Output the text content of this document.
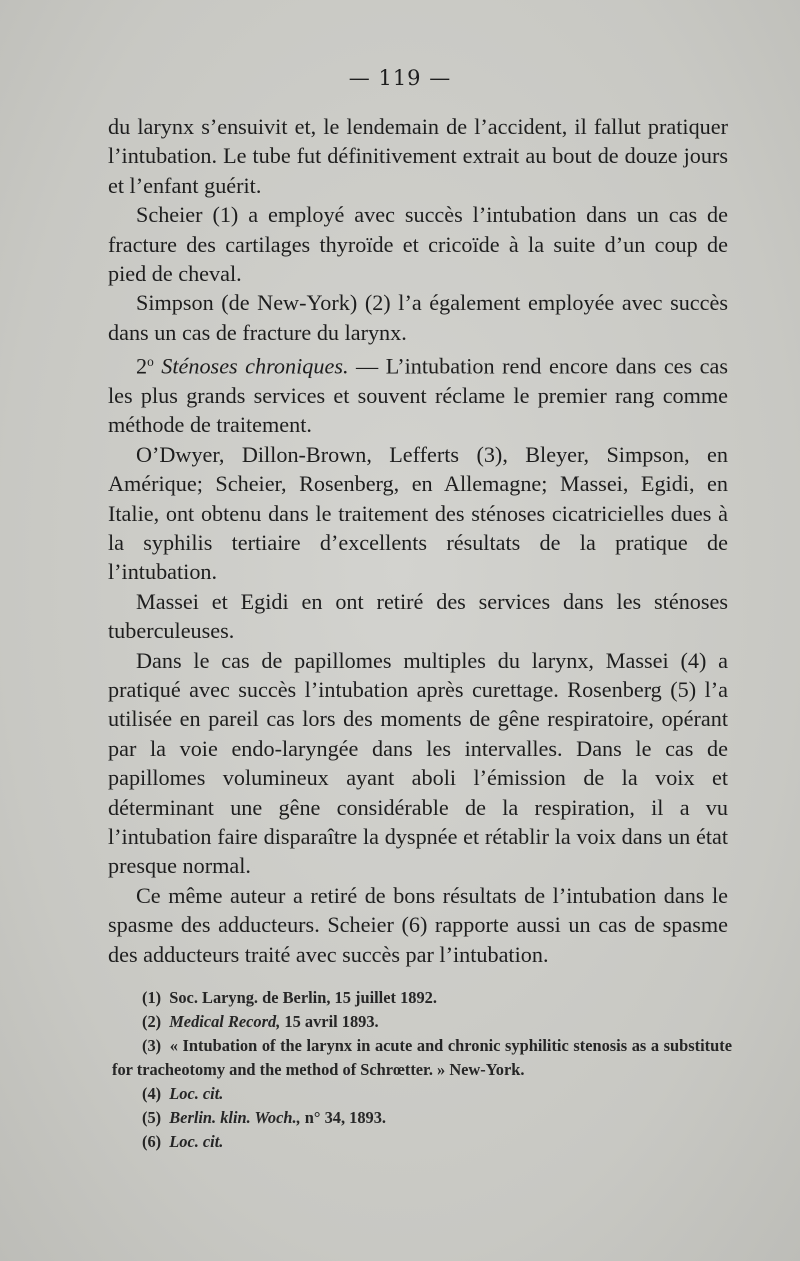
— 119 —

du larynx s’ensuivit et, le lendemain de l’accident, il fallut pratiquer l’intubation. Le tube fut définitivement extrait au bout de douze jours et l’enfant guérit.

Scheier (1) a employé avec succès l’intubation dans un cas de fracture des cartilages thyroïde et cricoïde à la suite d’un coup de pied de cheval.

Simpson (de New-York) (2) l’a également employée avec succès dans un cas de fracture du larynx.

2$^o$ Sténoses chroniques. — L’intubation rend encore dans ces cas les plus grands services et souvent réclame le premier rang comme méthode de traitement.

O’Dwyer, Dillon-Brown, Lefferts (3), Bleyer, Simpson, en Amérique; Scheier, Rosenberg, en Allemagne; Massei, Egidi, en Italie, ont obtenu dans le traitement des sténoses cicatricielles dues à la syphilis tertiaire d’excellents résultats de la pratique de l’intubation.

Massei et Egidi en ont retiré des services dans les sténoses tuberculeuses.

Dans le cas de papillomes multiples du larynx, Massei (4) a pratiqué avec succès l’intubation après curettage. Rosenberg (5) l’a utilisée en pareil cas lors des moments de gêne respiratoire, opérant par la voie endo-laryngée dans les intervalles. Dans le cas de papillomes volumineux ayant aboli l’émission de la voix et déterminant une gêne considérable de la respiration, il a vu l’intubation faire disparaître la dyspnée et rétablir la voix dans un état presque normal.

Ce même auteur a retiré de bons résultats de l’intubation dans le spasme des adducteurs. Scheier (6) rapporte aussi un cas de spasme des adducteurs traité avec succès par l’intubation.

(1) Soc. Laryng. de Berlin, 15 juillet 1892.

(2) Medical Record, 15 avril 1893.

(3) « Intubation of the larynx in acute and chronic syphilitic stenosis as a substitute for tracheotomy and the method of Schrœtter. » New-York.

(4) Loc. cit.

(5) Berlin. klin. Woch., n° 34, 1893.

(6) Loc. cit.
